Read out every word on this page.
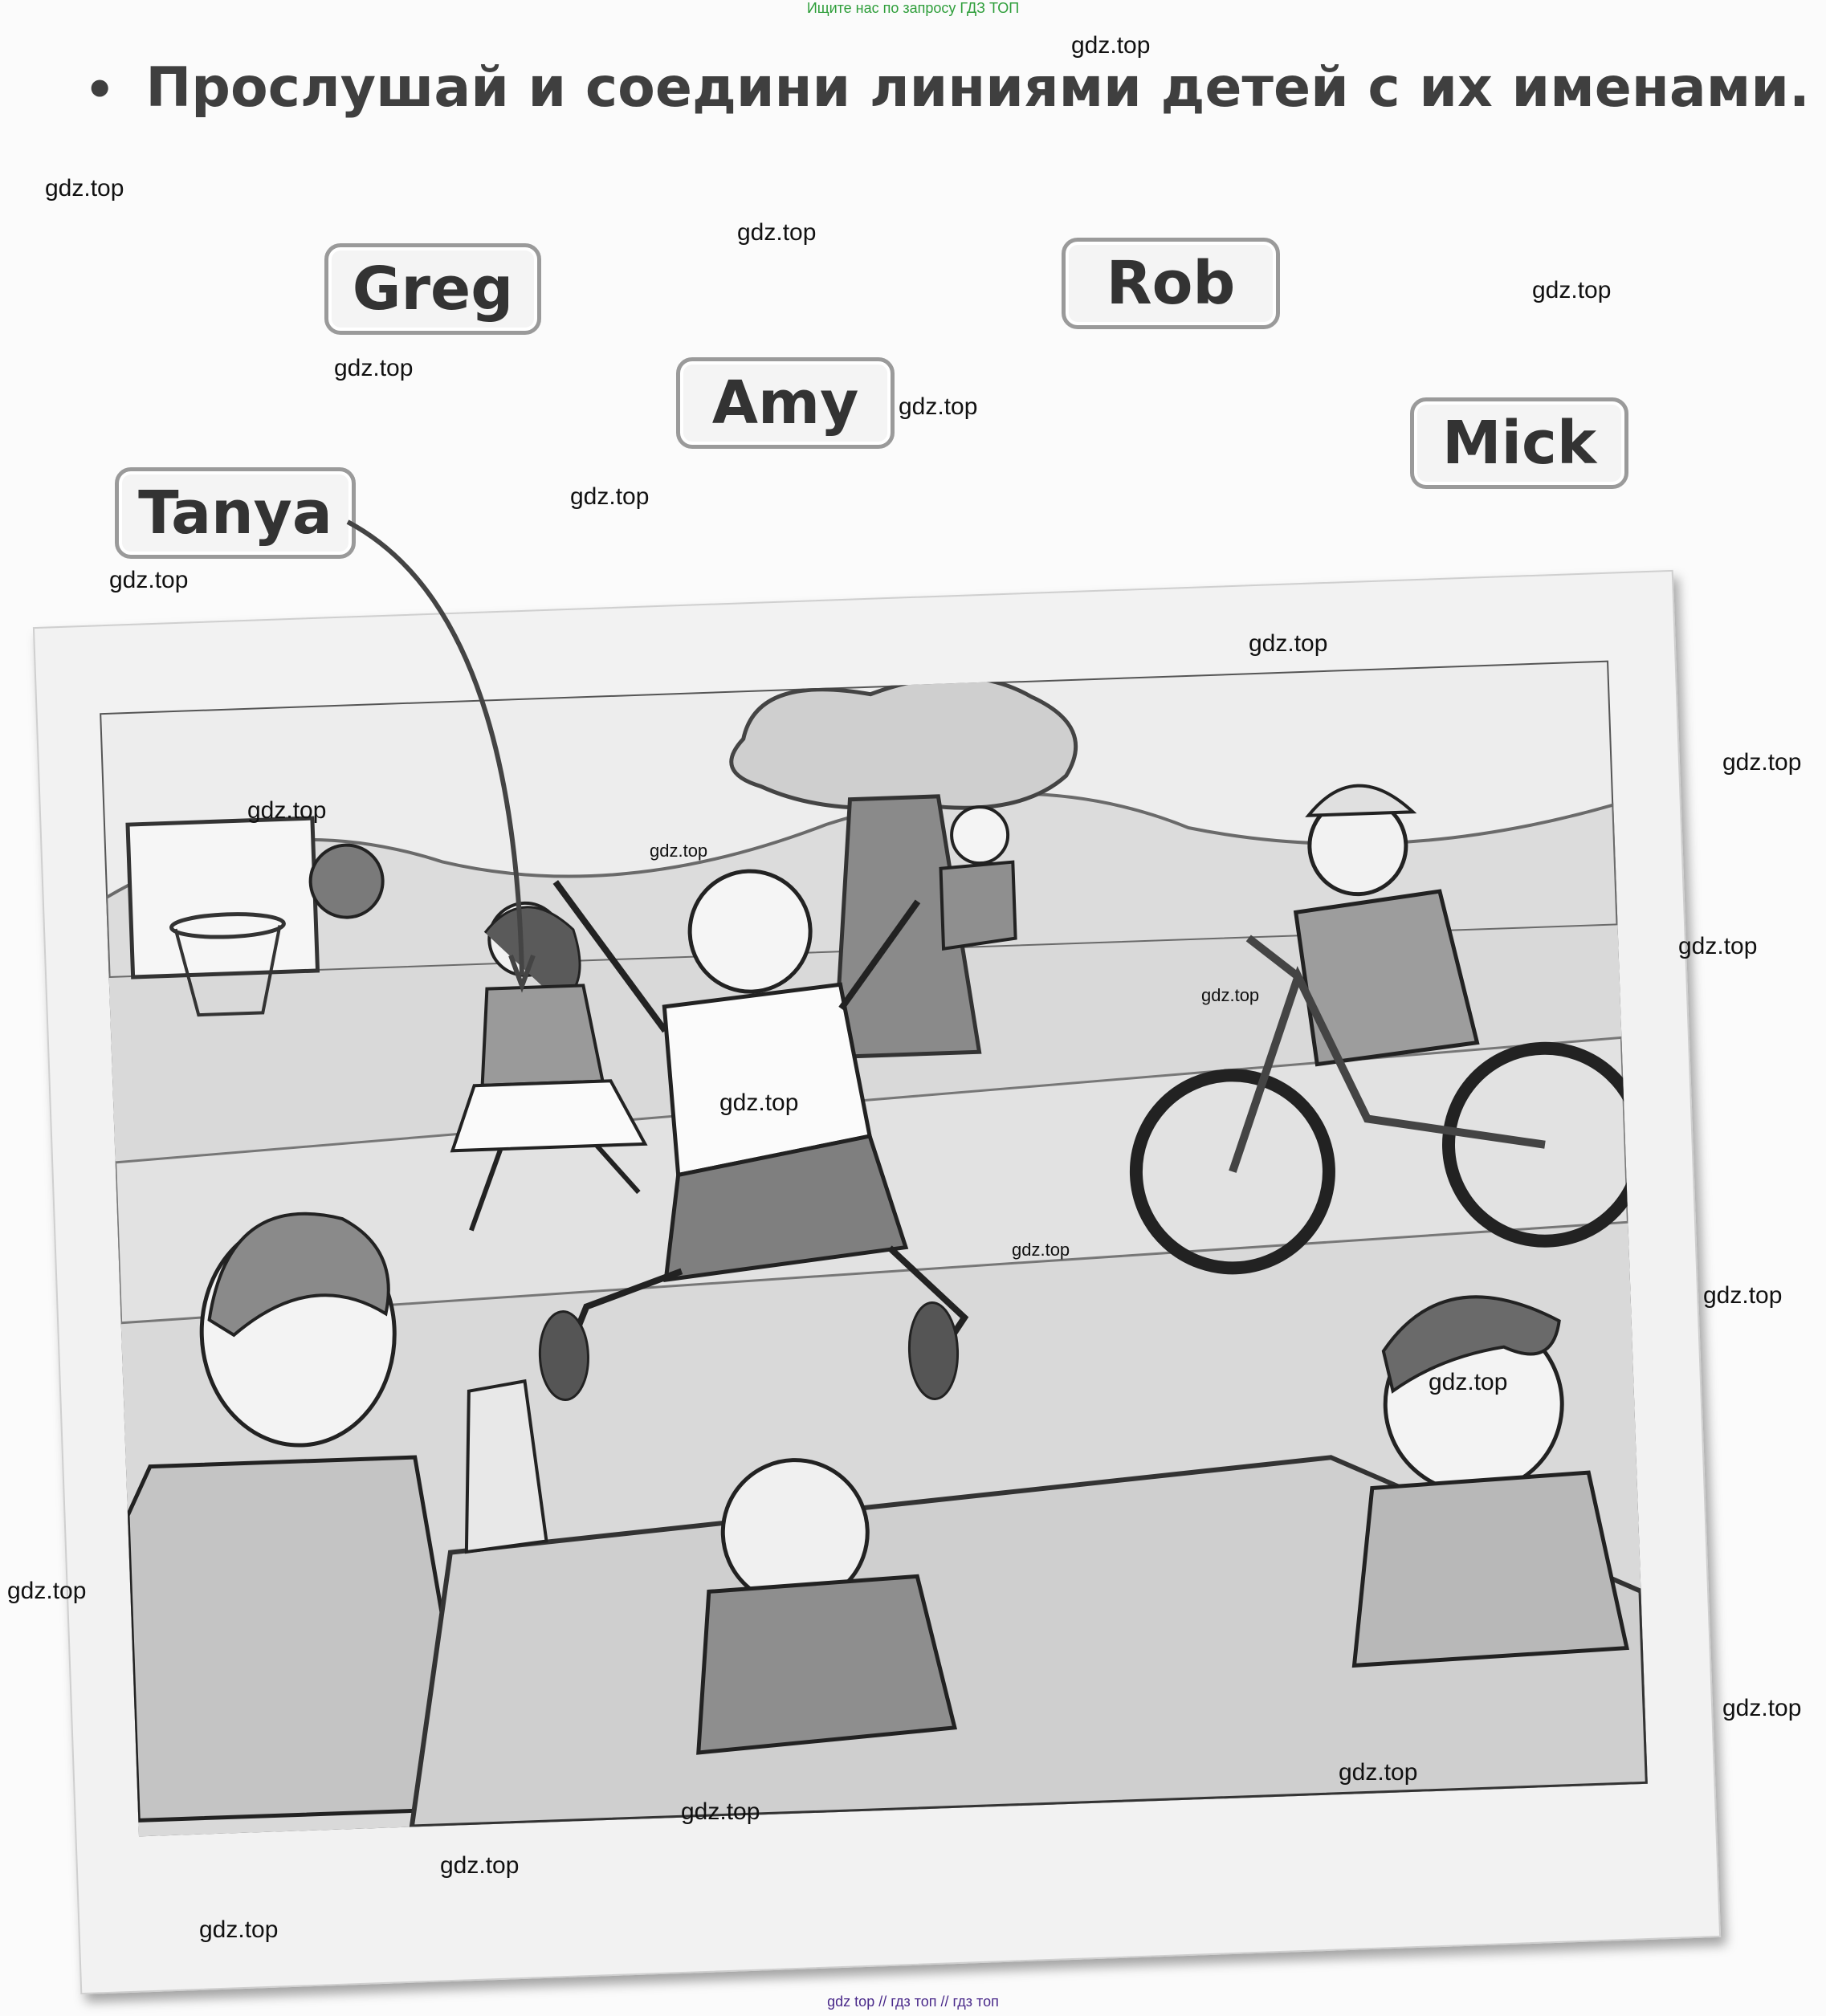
Ищите нас по запросу ГДЗ ТОП
• Прослушай и соедини линиями детей с их именами.
Greg	Rob
Amy
Mick
Tanya
gdz.top
gdz.top
gdz.top
gdz.top
gdz.top
gdz.top
gdz.top
gdz.top
gdz.top
gdz.top
gdz.top
gdz.top
gdz.top
gdz.top
gdz.top
gdz.top
gdz.top
gdz.top
gdz.top
gdz.top
gdz.top
gdz.top
gdz.top
gdz.top
gdz top // гдз топ // гдз топ
